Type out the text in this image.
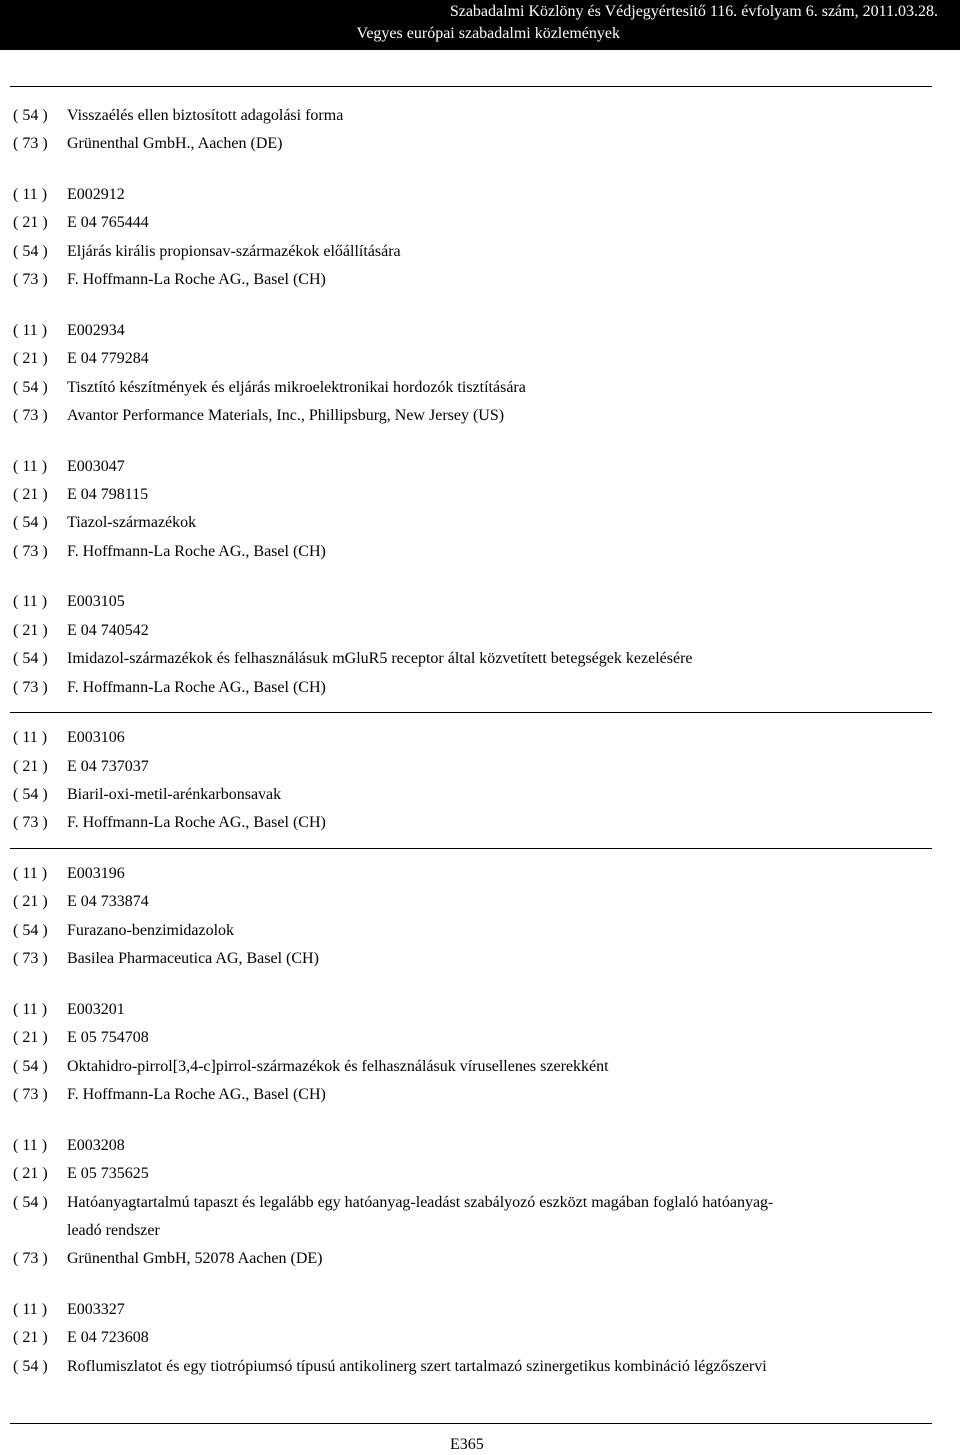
Szabadalmi Közlöny és Védjegyértesítő 116. évfolyam 6. szám, 2011.03.28.
Vegyes európai szabadalmi közlemények
( 54 )	Visszaélés ellen biztosított adagolási forma
( 73 )	Grünenthal GmbH., Aachen (DE)
( 11 )	E002912
( 21 )	E 04 765444
( 54 )	Eljárás királis propionsav-származékok előállítására
( 73 )	F. Hoffmann-La Roche AG., Basel (CH)
( 11 )	E002934
( 21 )	E 04 779284
( 54 )	Tisztító készítmények és eljárás mikroelektronikai hordozók tisztítására
( 73 )	Avantor Performance Materials, Inc., Phillipsburg, New Jersey (US)
( 11 )	E003047
( 21 )	E 04 798115
( 54 )	Tiazol-származékok
( 73 )	F. Hoffmann-La Roche AG., Basel (CH)
( 11 )	E003105
( 21 )	E 04 740542
( 54 )	Imidazol-származékok és felhasználásuk mGluR5 receptor által közvetített betegségek kezelésére
( 73 )	F. Hoffmann-La Roche AG., Basel (CH)
( 11 )	E003106
( 21 )	E 04 737037
( 54 )	Biaril-oxi-metil-arénkarbonsavak
( 73 )	F. Hoffmann-La Roche AG., Basel (CH)
( 11 )	E003196
( 21 )	E 04 733874
( 54 )	Furazano-benzimidazolok
( 73 )	Basilea Pharmaceutica AG, Basel (CH)
( 11 )	E003201
( 21 )	E 05 754708
( 54 )	Oktahidro-pirrol[3,4-c]pirrol-származékok és felhasználásuk vírusellenes szerekként
( 73 )	F. Hoffmann-La Roche AG., Basel (CH)
( 11 )	E003208
( 21 )	E 05 735625
( 54 )	Hatóanyagtartalmú tapaszt és legalább egy hatóanyag-leadást szabályozó eszközt magában foglaló hatóanyag-leadó rendszer
( 73 )	Grünenthal GmbH, 52078 Aachen (DE)
( 11 )	E003327
( 21 )	E 04 723608
( 54 )	Roflumiszlatot és egy tiotrópiumsó típusú antikolinerg szert tartalmazó szinergetikus kombináció légzőszervi
E365
